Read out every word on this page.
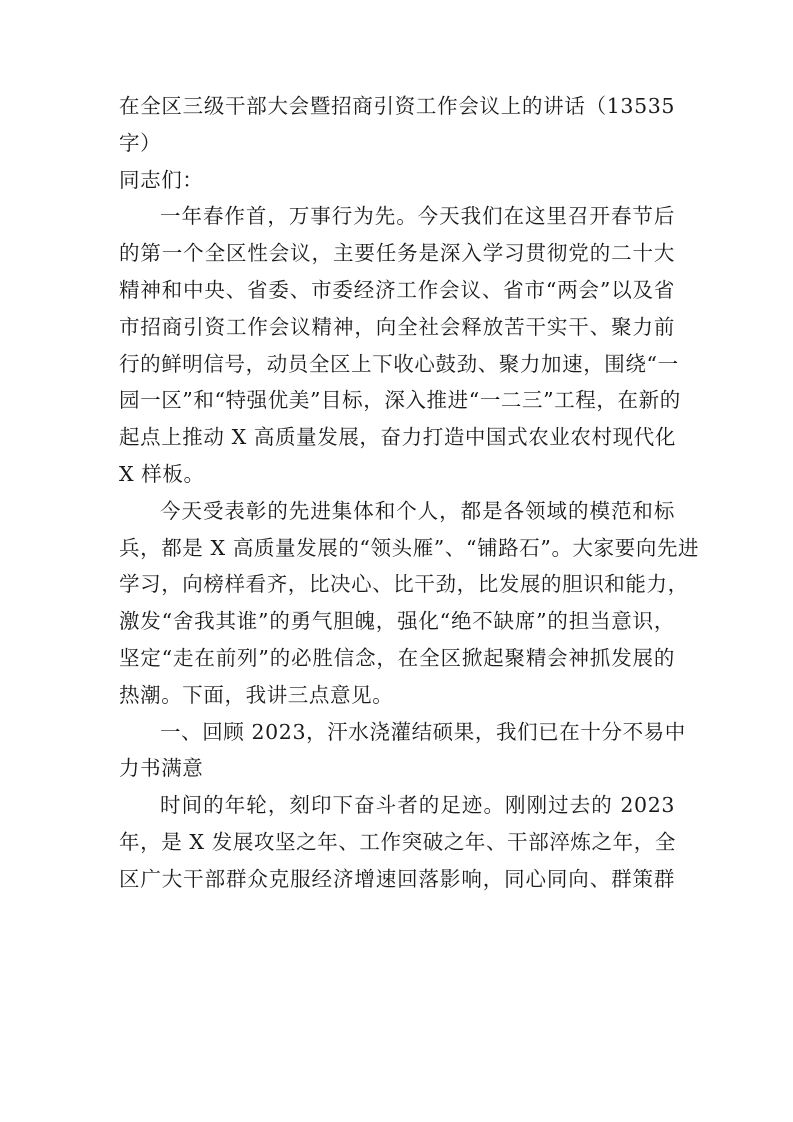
在全区三级干部大会暨招商引资工作会议上的讲话（13535
字）
同志们：
一年春作首，万事行为先。今天我们在这里召开春节后
的第一个全区性会议，主要任务是深入学习贯彻党的二十大
精神和中央、省委、市委经济工作会议、省市“两会”以及省
市招商引资工作会议精神，向全社会释放苦干实干、聚力前
行的鲜明信号，动员全区上下收心鼓劲、聚力加速，围绕“一
园一区”和“特强优美”目标，深入推进“一二三”工程，在新的
起点上推动 X 高质量发展，奋力打造中国式农业农村现代化
X 样板。
今天受表彰的先进集体和个人，都是各领域的模范和标
兵，都是 X 高质量发展的“领头雁”、“铺路石”。大家要向先进
学习，向榜样看齐，比决心、比干劲，比发展的胆识和能力，
激发“舍我其谁”的勇气胆魄，强化“绝不缺席”的担当意识，
坚定“走在前列”的必胜信念，在全区掀起聚精会神抓发展的
热潮。下面，我讲三点意见。
一、回顾 2023，汗水浇灌结硕果，我们已在十分不易中
力书满意
时间的年轮，刻印下奋斗者的足迹。刚刚过去的 2023
年，是 X 发展攻坚之年、工作突破之年、干部淬炼之年，全
区广大干部群众克服经济增速回落影响，同心同向、群策群
